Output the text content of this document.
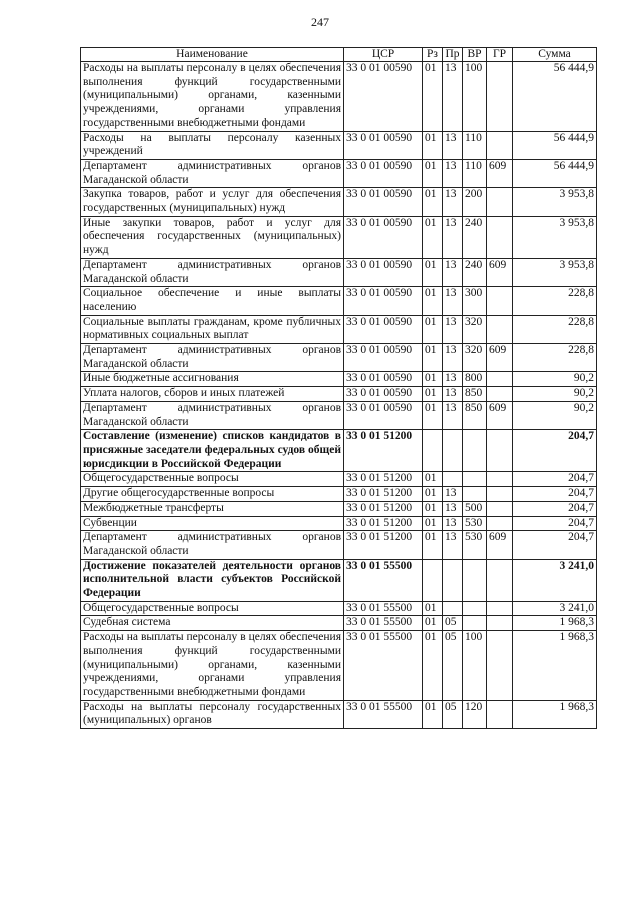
247
Наименование	ЦСР	Рз	Пр	ВР	ГР	Сумма
Расходы на выплаты персоналу в целях обеспечения выполнения функций государственными (муниципальными) органами, казенными учреждениями, органами управления государственными внебюджетными фондами	33 0 01 00590	01	13	100		56 444,9
Расходы на выплаты персоналу казенных учреждений	33 0 01 00590	01	13	110		56 444,9
Департамент административных органов Магаданской области	33 0 01 00590	01	13	110	609	56 444,9
Закупка товаров, работ и услуг для обеспечения государственных (муниципальных) нужд	33 0 01 00590	01	13	200		3 953,8
Иные закупки товаров, работ и услуг для обеспечения государственных (муниципальных) нужд	33 0 01 00590	01	13	240		3 953,8
Департамент административных органов Магаданской области	33 0 01 00590	01	13	240	609	3 953,8
Социальное обеспечение и иные выплаты населению	33 0 01 00590	01	13	300		228,8
Социальные выплаты гражданам, кроме публичных нормативных социальных выплат	33 0 01 00590	01	13	320		228,8
Департамент административных органов Магаданской области	33 0 01 00590	01	13	320	609	228,8
Иные бюджетные ассигнования	33 0 01 00590	01	13	800		90,2
Уплата налогов, сборов и иных платежей	33 0 01 00590	01	13	850		90,2
Департамент административных органов Магаданской области	33 0 01 00590	01	13	850	609	90,2
Составление (изменение) списков кандидатов в присяжные заседатели федеральных судов общей юрисдикции в Российской Федерации	33 0 01 51200					204,7
Общегосударственные вопросы	33 0 01 51200	01				204,7
Другие общегосударственные вопросы	33 0 01 51200	01	13			204,7
Межбюджетные трансферты	33 0 01 51200	01	13	500		204,7
Субвенции	33 0 01 51200	01	13	530		204,7
Департамент административных органов Магаданской области	33 0 01 51200	01	13	530	609	204,7
Достижение показателей деятельности органов исполнительной власти субъектов Российской Федерации	33 0 01 55500					3 241,0
Общегосударственные вопросы	33 0 01 55500	01				3 241,0
Судебная система	33 0 01 55500	01	05			1 968,3
Расходы на выплаты персоналу в целях обеспечения выполнения функций государственными (муниципальными) органами, казенными учреждениями, органами управления государственными внебюджетными фондами	33 0 01 55500	01	05	100		1 968,3
Расходы на выплаты персоналу государственных (муниципальных) органов	33 0 01 55500	01	05	120		1 968,3
